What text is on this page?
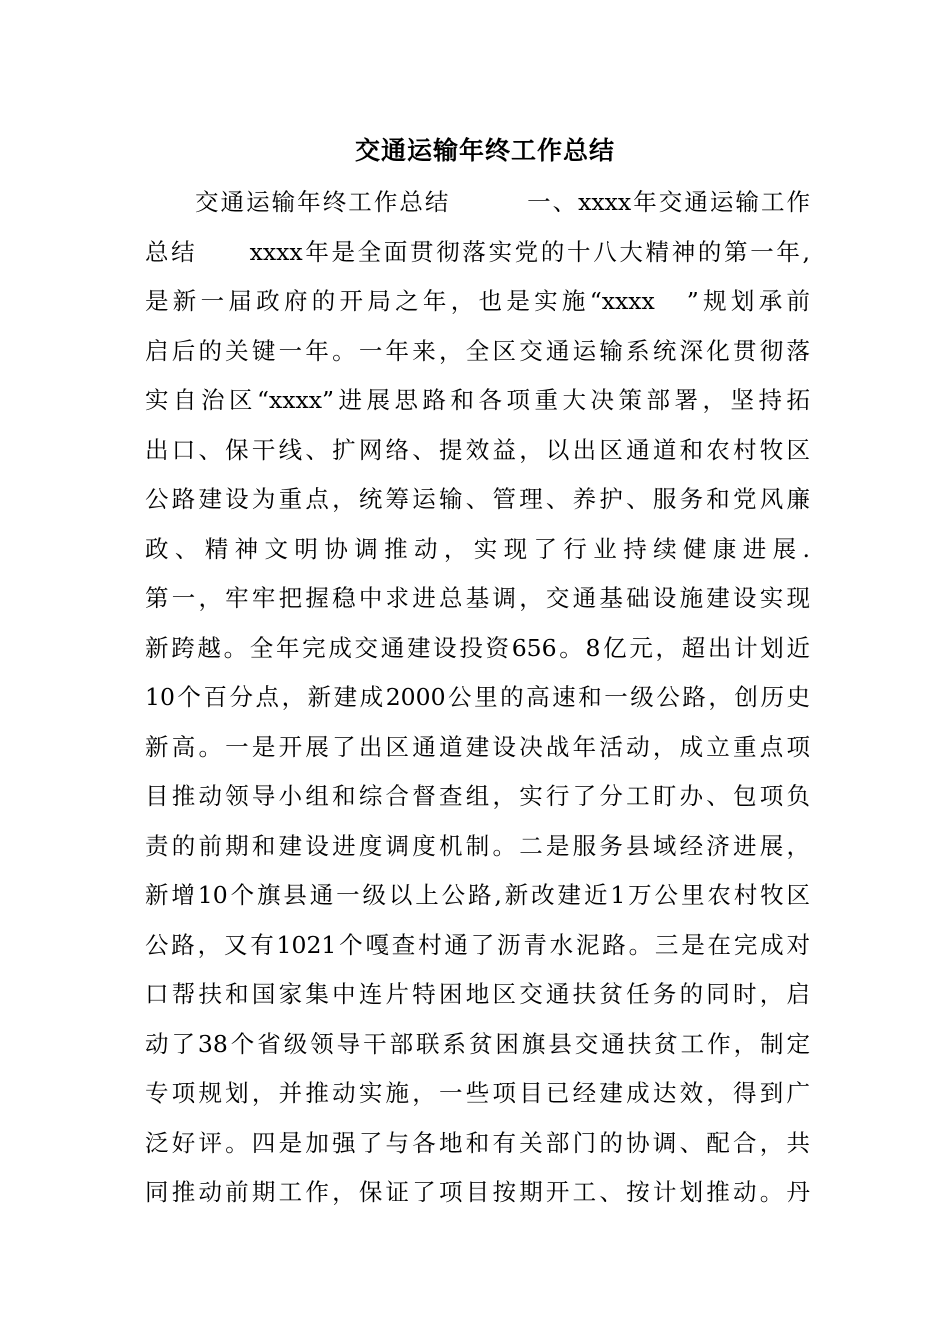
交通运输年终工作总结
交通运输年终工作总结　　　一、xxxx年交通运输工作
总结　　xxxx年是全面贯彻落实党的十八大精神的第一年,
是新一届政府的开局之年，也是实施“xxxx　”规划承前
启后的关键一年。一年来，全区交通运输系统深化贯彻落
实自治区“xxxx”进展思路和各项重大决策部署，坚持拓
出口、保干线、扩网络、提效益，以出区通道和农村牧区
公路建设为重点，统筹运输、管理、养护、服务和党风廉
政、精神文明协调推动，实现了行业持续健康进展.
第一，牢牢把握稳中求进总基调，交通基础设施建设实现
新跨越。全年完成交通建设投资656。8亿元，超出计划近
10个百分点，新建成2000公里的高速和一级公路，创历史
新高。一是开展了出区通道建设决战年活动，成立重点项
目推动领导小组和综合督查组，实行了分工盯办、包项负
责的前期和建设进度调度机制。二是服务县域经济进展，
新增10个旗县通一级以上公路,新改建近1万公里农村牧区
公路，又有1021个嘎查村通了沥青水泥路。三是在完成对
口帮扶和国家集中连片特困地区交通扶贫任务的同时，启
动了38个省级领导干部联系贫困旗县交通扶贫工作，制定
专项规划，并推动实施，一些项目已经建成达效，得到广
泛好评。四是加强了与各地和有关部门的协调、配合，共
同推动前期工作，保证了项目按期开工、按计划推动。丹
